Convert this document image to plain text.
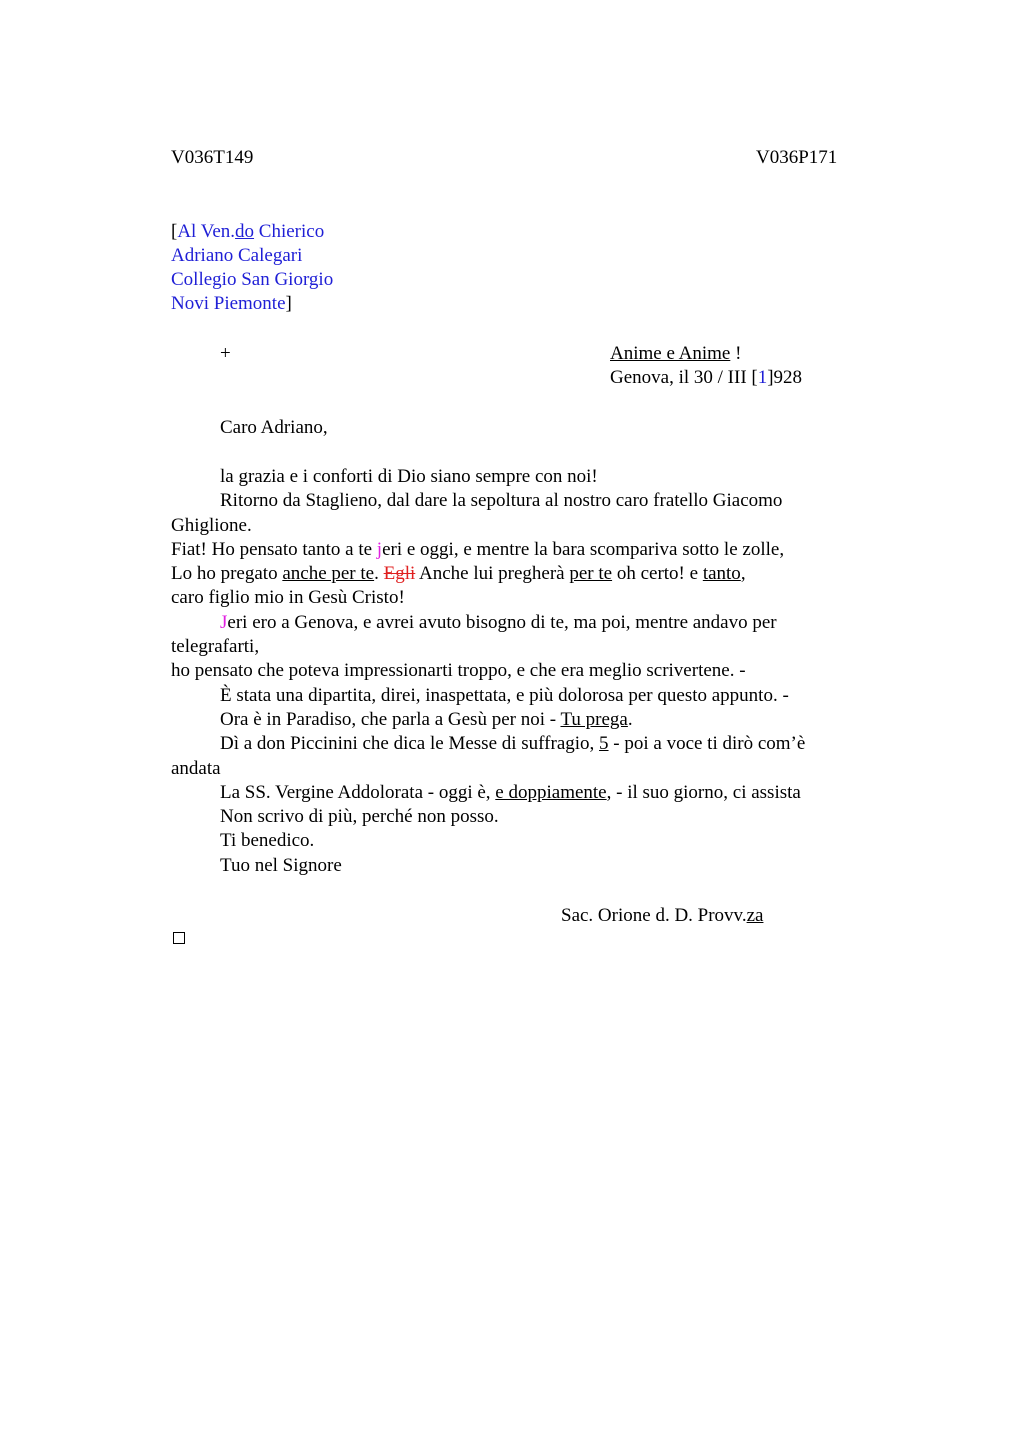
V036T149	V036P171
[Al Ven.do Chierico
Adriano Calegari
Collegio San Giorgio
Novi Piemonte]
+	Anime e Anime !
Genova, il 30 / III [1]928
Caro Adriano,
la grazia e i conforti di Dio siano sempre con noi!
Ritorno da Staglieno, dal dare la sepoltura al nostro caro fratello Giacomo
Ghiglione.
Fiat! Ho pensato tanto a te jeri e oggi, e mentre la bara scompariva sotto le zolle,
Lo ho pregato anche per te. Egli Anche lui pregherà per te oh certo! e tanto,
caro figlio mio in Gesù Cristo!
Jeri ero a Genova, e avrei avuto bisogno di te, ma poi, mentre andavo per
telegrafarti,
ho pensato che poteva impressionarti troppo, e che era meglio scrivertene. -
È stata una dipartita, direi, inaspettata, e più dolorosa per questo appunto. -
Ora è in Paradiso, che parla a Gesù per noi - Tu prega.
Dì a don Piccinini che dica le Messe di suffragio, 5 - poi a voce ti dirò com’è
andata
La SS. Vergine Addolorata - oggi è, e doppiamente, - il suo giorno, ci assista
Non scrivo di più, perché non posso.
Ti benedico.
Tuo nel Signore
Sac. Orione d. D. Provv.za
